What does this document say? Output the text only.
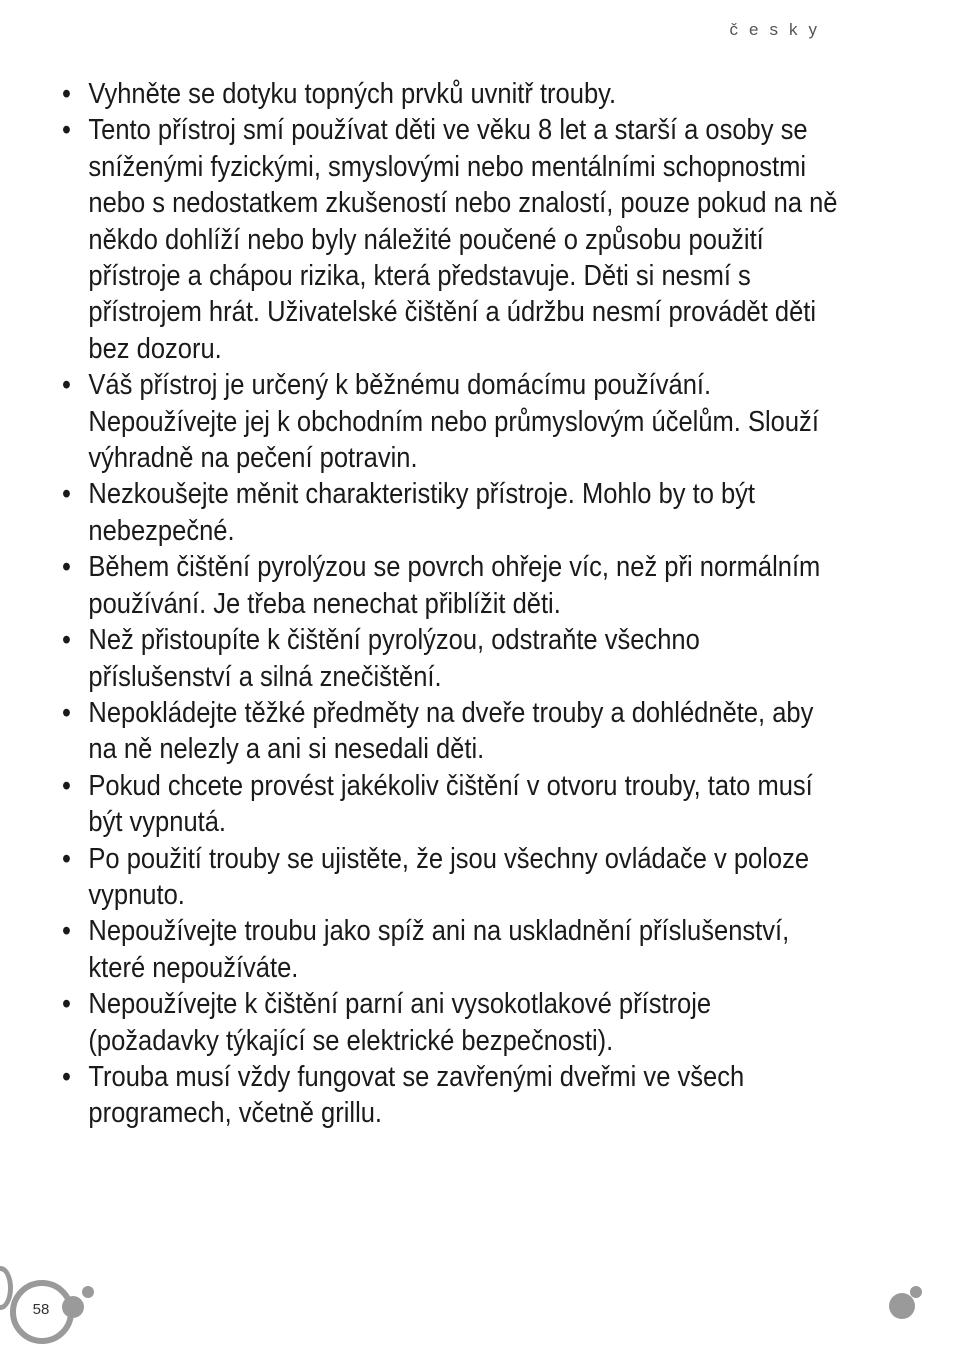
česky
• Vyhněte se dotyku topných prvků uvnitř trouby.
• Tento přístroj smí používat děti ve věku 8 let a starší a osoby se sníženými fyzickými, smyslovými nebo mentálními schopnostmi nebo s nedostatkem zkušeností nebo znalostí, pouze pokud na ně někdo dohlíží nebo byly náležité poučené o způsobu použití přístroje a chápou rizika, která představuje. Děti si nesmí s přístrojem hrát. Uživatelské čištění a údržbu nesmí provádět děti bez dozoru.
• Váš přístroj je určený k běžnému domácímu používání. Nepoužívejte jej k obchodním nebo průmyslovým účelům. Slouží výhradně na pečení potravin.
• Nezkoušejte měnit charakteristiky přístroje. Mohlo by to být nebezpečné.
• Během čištění pyrolýzou se povrch ohřeje víc, než při normálním používání. Je třeba nenechat přiblížit děti.
• Než přistoupíte k čištění pyrolýzou, odstraňte všechno příslušenství a silná znečištění.
• Nepokládejte těžké předměty na dveře trouby a dohlédněte, aby na ně nelezly a ani si nesedali děti.
• Pokud chcete provést jakékoliv čištění v otvoru trouby, tato musí být vypnutá.
• Po použití trouby se ujistěte, že jsou všechny ovládače v poloze vypnuto.
• Nepoužívejte troubu jako spíž ani na uskladnění příslušenství, které nepoužíváte.
• Nepoužívejte k čištění parní ani vysokotlakové přístroje (požadavky týkající se elektrické bezpečnosti).
• Trouba musí vždy fungovat se zavřenými dveřmi ve všech programech, včetně grillu.
58
